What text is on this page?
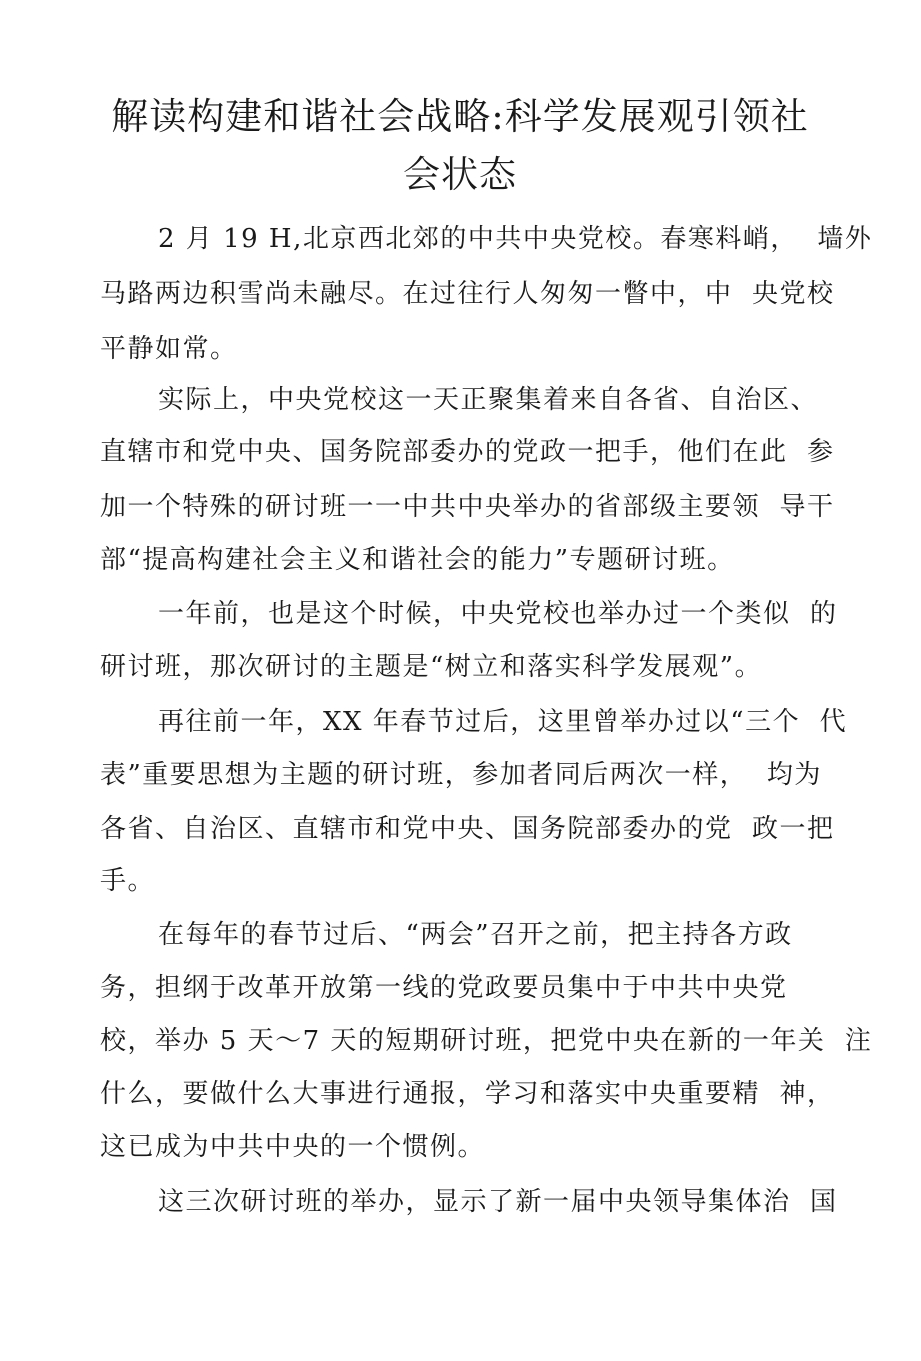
解读构建和谐社会战略:科学发展观引领社
会状态
2 月 19 H,北京西北郊的中共中央党校。春寒料峭，  墙外
马路两边积雪尚未融尽。在过往行人匆匆一瞥中，中  央党校
平静如常。
实际上，中央党校这一天正聚集着来自各省、自治区、
直辖市和党中央、国务院部委办的党政一把手，他们在此  参
加一个特殊的研讨班一一中共中央举办的省部级主要领  导干
部“提高构建社会主义和谐社会的能力”专题研讨班。
一年前，也是这个时候，中央党校也举办过一个类似  的
研讨班，那次研讨的主题是“树立和落实科学发展观”。
再往前一年，XX 年春节过后，这里曾举办过以“三个  代
表”重要思想为主题的研讨班，参加者同后两次一样，  均为
各省、自治区、直辖市和党中央、国务院部委办的党  政一把
手。
在每年的春节过后、“两会”召开之前，把主持各方政
务，担纲于改革开放第一线的党政要员集中于中共中央党
校，举办 5 天〜7 天的短期研讨班，把党中央在新的一年关  注
什么，要做什么大事进行通报，学习和落实中央重要精  神，
这已成为中共中央的一个惯例。
这三次研讨班的举办，显示了新一届中央领导集体治  国
